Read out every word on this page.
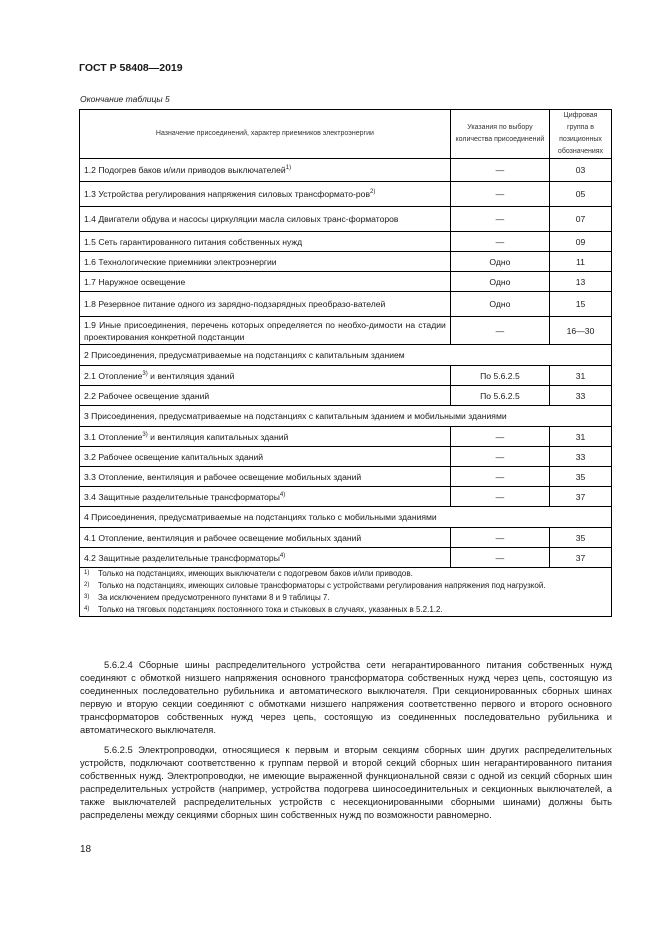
ГОСТ Р 58408—2019
Окончание таблицы 5
Назначение присоединений, характер приемников электроэнергии	Указания по выбору количества присоединений	Цифровая группа в позиционных обозначениях
1.2 Подогрев баков и/или приводов выключателей$^{1)}$	—	03
1.3 Устройства регулирования напряжения силовых трансформато-ров$^{2)}$	—	05
1.4 Двигатели обдува и насосы циркуляции масла силовых транс-форматоров	—	07
1.5 Сеть гарантированного питания собственных нужд	—	09
1.6 Технологические приемники электроэнергии	Одно	11
1.7 Наружное освещение	Одно	13
1.8 Резервное питание одного из зарядно-подзарядных преобразо-вателей	Одно	15
1.9 Иные присоединения, перечень которых определяется по необхо-димости на стадии проектирования конкретной подстанции	—	16—30
2 Присоединения, предусматриваемые на подстанциях с капитальным зданием		
2.1 Отопление$^{3)}$ и вентиляция зданий	По 5.6.2.5	31
2.2 Рабочее освещение зданий	По 5.6.2.5	33
3 Присоединения, предусматриваемые на подстанциях с капитальным зданием и мобильными зданиями		
3.1 Отопление$^{3)}$ и вентиляция капитальных зданий	—	31
3.2 Рабочее освещение капитальных зданий	—	33
3.3 Отопление, вентиляция и рабочее освещение мобильных зданий	—	35
3.4 Защитные разделительные трансформаторы$^{4)}$	—	37
4 Присоединения, предусматриваемые на подстанциях только с мобильными зданиями		
4.1 Отопление, вентиляция и рабочее освещение мобильных зданий	—	35
4.2 Защитные разделительные трансформаторы$^{4)}$	—	37

1) Только на подстанциях, имеющих выключатели с подогревом баков и/или приводов.
2) Только на подстанциях, имеющих силовые трансформаторы с устройствами регулирования напряжения под нагрузкой.
3) За исключением предусмотренного пунктами 8 и 9 таблицы 7.
4) Только на тяговых подстанциях постоянного тока и стыковых в случаях, указанных в 5.2.1.2.		
5.6.2.4 Сборные шины распределительного устройства сети негарантированного питания собственных нужд соединяют с обмоткой низшего напряжения основного трансформатора собственных нужд через цепь, состоящую из соединенных последовательно рубильника и автоматического выключателя. При секционированных сборных шинах первую и вторую секции соединяют с обмотками низшего напряжения соответственно первого и второго основного трансформаторов собственных нужд через цепь, состоящую из соединенных последовательно рубильника и автоматического выключателя.
5.6.2.5 Электропроводки, относящиеся к первым и вторым секциям сборных шин других распределительных устройств, подключают соответственно к группам первой и второй секций сборных шин негарантированного питания собственных нужд. Электропроводки, не имеющие выраженной функциональной связи с одной из секций сборных шин распределительных устройств (например, устройства подогрева шиносоединительных и секционных выключателей, а также выключателей распределительных устройств с несекционированными сборными шинами) должны быть распределены между секциями сборных шин собственных нужд по возможности равномерно.
18
